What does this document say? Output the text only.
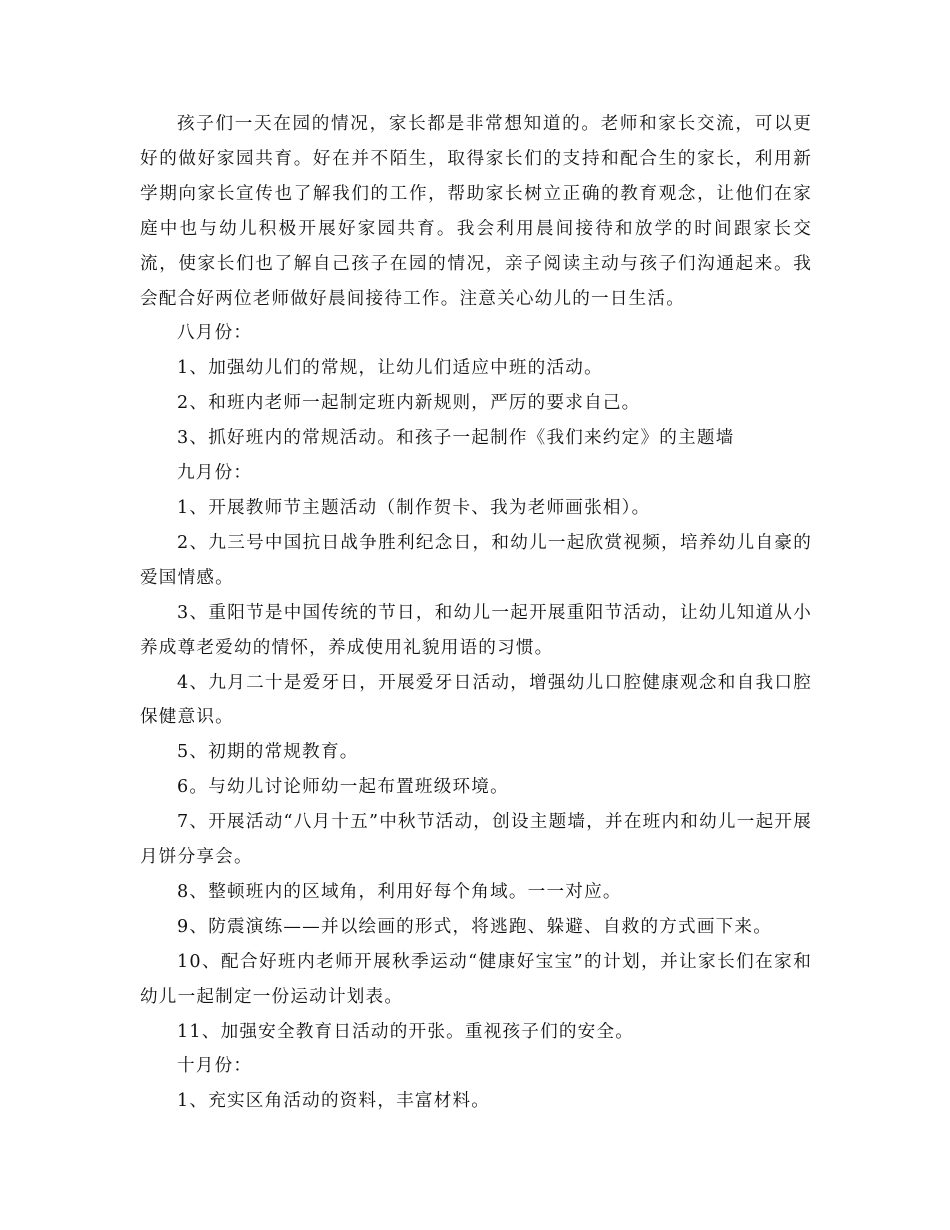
孩子们一天在园的情况，家长都是非常想知道的。老师和家长交流，可以更好的做好家园共育。好在并不陌生，取得家长们的支持和配合生的家长，利用新学期向家长宣传也了解我们的工作，帮助家长树立正确的教育观念，让他们在家庭中也与幼儿积极开展好家园共育。我会利用晨间接待和放学的时间跟家长交流，使家长们也了解自己孩子在园的情况，亲子阅读主动与孩子们沟通起来。我会配合好两位老师做好晨间接待工作。注意关心幼儿的一日生活。

八月份：

1、加强幼儿们的常规，让幼儿们适应中班的活动。

2、和班内老师一起制定班内新规则，严厉的要求自己。

3、抓好班内的常规活动。和孩子一起制作《我们来约定》的主题墙

九月份：

1、开展教师节主题活动（制作贺卡、我为老师画张相）。

2、九三号中国抗日战争胜利纪念日，和幼儿一起欣赏视频，培养幼儿自豪的爱国情感。

3、重阳节是中国传统的节日，和幼儿一起开展重阳节活动，让幼儿知道从小养成尊老爱幼的情怀，养成使用礼貌用语的习惯。

4、九月二十是爱牙日，开展爱牙日活动，增强幼儿口腔健康观念和自我口腔保健意识。

5、初期的常规教育。

6。与幼儿讨论师幼一起布置班级环境。

7、开展活动“八月十五”中秋节活动，创设主题墙，并在班内和幼儿一起开展月饼分享会。

8、整顿班内的区域角，利用好每个角域。一一对应。

9、防震演练——并以绘画的形式，将逃跑、躲避、自救的方式画下来。

10、配合好班内老师开展秋季运动“健康好宝宝”的计划，并让家长们在家和幼儿一起制定一份运动计划表。

11、加强安全教育日活动的开张。重视孩子们的安全。

十月份：

1、充实区角活动的资料，丰富材料。
